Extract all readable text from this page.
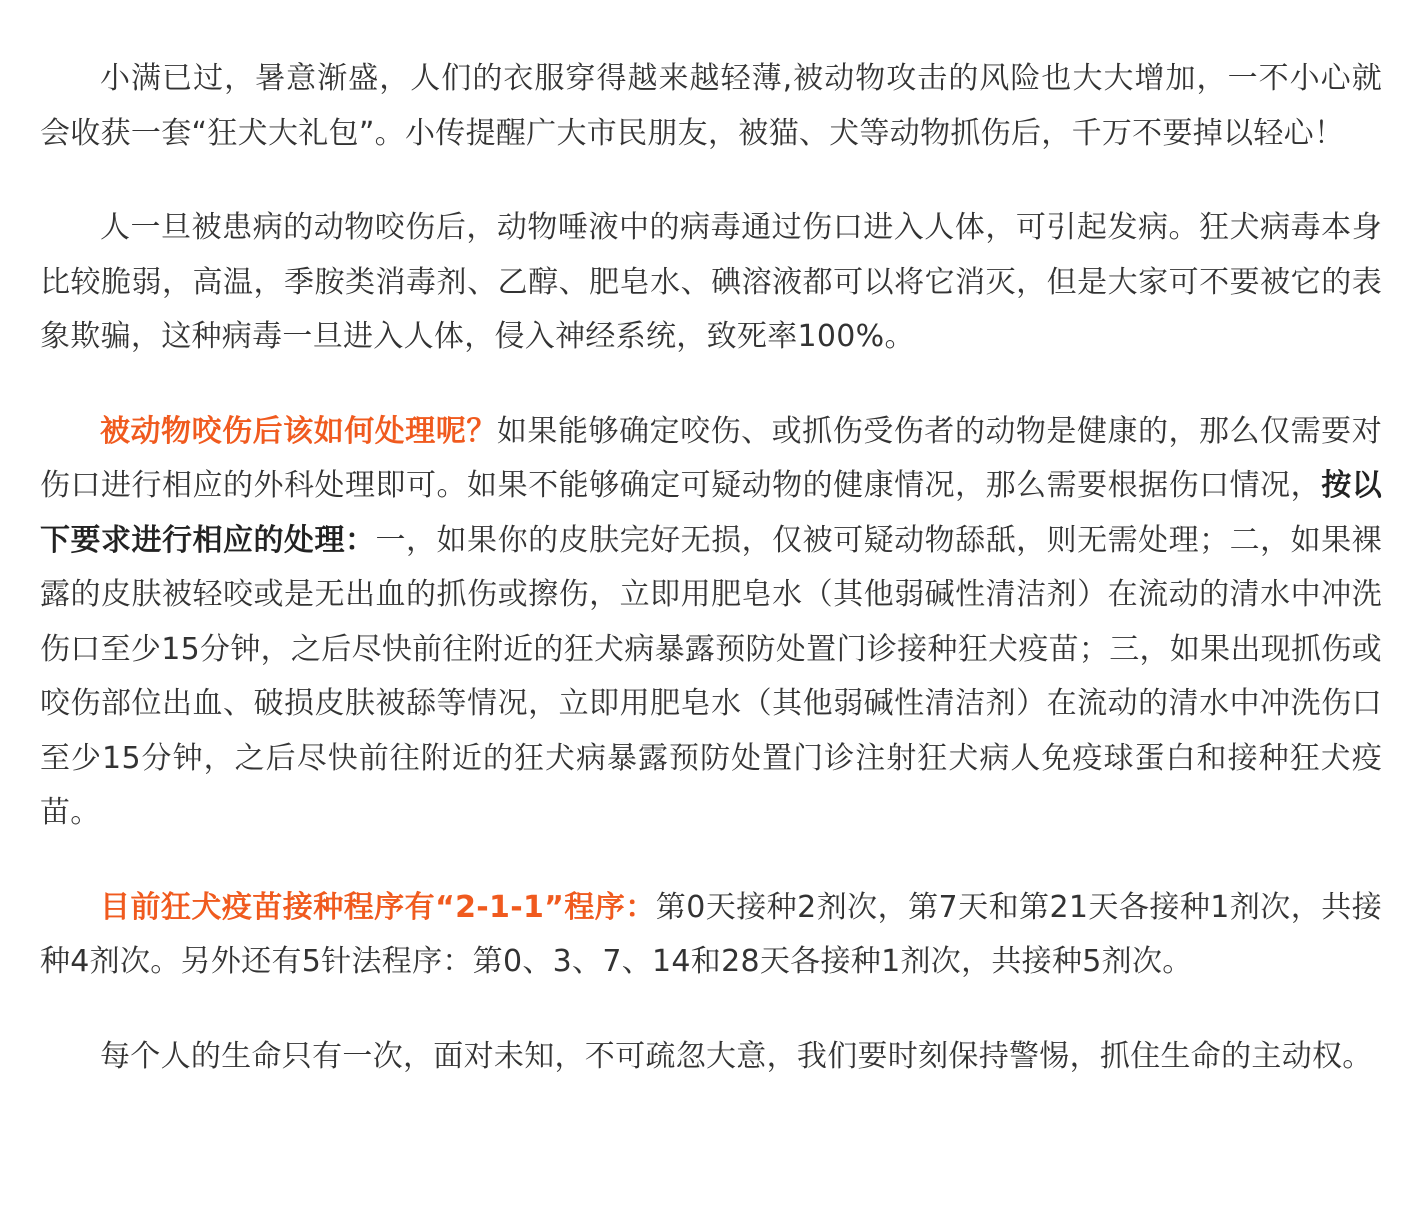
小满已过，暑意渐盛，人们的衣服穿得越来越轻薄,被动物攻击的风险也大大增加，一不小心就会收获一套“狂犬大礼包”。小传提醒广大市民朋友，被猫、犬等动物抓伤后，千万不要掉以轻心！

人一旦被患病的动物咬伤后，动物唾液中的病毒通过伤口进入人体，可引起发病。狂犬病毒本身比较脆弱，高温，季胺类消毒剂、乙醇、肥皂水、碘溶液都可以将它消灭，但是大家可不要被它的表象欺骗，这种病毒一旦进入人体，侵入神经系统，致死率100%。

被动物咬伤后该如何处理呢？如果能够确定咬伤、或抓伤受伤者的动物是健康的，那么仅需要对伤口进行相应的外科处理即可。如果不能够确定可疑动物的健康情况，那么需要根据伤口情况，按以下要求进行相应的处理：一，如果你的皮肤完好无损，仅被可疑动物舔舐，则无需处理；二，如果裸露的皮肤被轻咬或是无出血的抓伤或擦伤，立即用肥皂水（其他弱碱性清洁剂）在流动的清水中冲洗伤口至少15分钟，之后尽快前往附近的狂犬病暴露预防处置门诊接种狂犬疫苗；三，如果出现抓伤或咬伤部位出血、破损皮肤被舔等情况，立即用肥皂水（其他弱碱性清洁剂）在流动的清水中冲洗伤口至少15分钟，之后尽快前往附近的狂犬病暴露预防处置门诊注射狂犬病人免疫球蛋白和接种狂犬疫苗。

目前狂犬疫苗接种程序有“2-1-1”程序：第0天接种2剂次，第7天和第21天各接种1剂次，共接种4剂次。另外还有5针法程序：第0、3、7、14和28天各接种1剂次，共接种5剂次。

每个人的生命只有一次，面对未知，不可疏忽大意，我们要时刻保持警惕，抓住生命的主动权。
